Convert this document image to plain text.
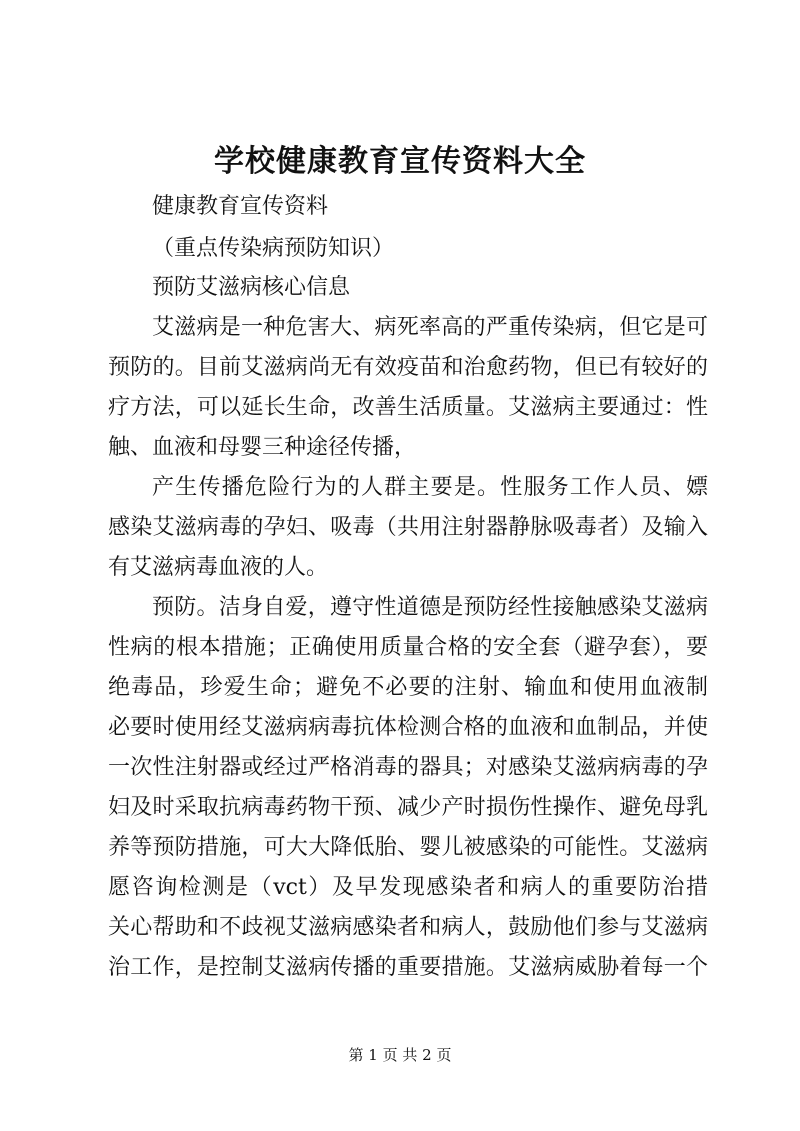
学校健康教育宣传资料大全
健康教育宣传资料
（重点传染病预防知识）
预防艾滋病核心信息
艾滋病是一种危害大、病死率高的严重传染病，但它是可
预防的。目前艾滋病尚无有效疫苗和治愈药物，但已有较好的
疗方法，可以延长生命，改善生活质量。艾滋病主要通过：性
触、血液和母婴三种途径传播，
产生传播危险行为的人群主要是。性服务工作人员、嫖
感染艾滋病毒的孕妇、吸毒（共用注射器静脉吸毒者）及输入
有艾滋病毒血液的人。
预防。洁身自爱，遵守性道德是预防经性接触感染艾滋病
性病的根本措施；正确使用质量合格的安全套（避孕套），要
绝毒品，珍爱生命；避免不必要的注射、输血和使用血液制
必要时使用经艾滋病病毒抗体检测合格的血液和血制品，并使
一次性注射器或经过严格消毒的器具；对感染艾滋病病毒的孕
妇及时采取抗病毒药物干预、减少产时损伤性操作、避免母乳
养等预防措施，可大大降低胎、婴儿被感染的可能性。艾滋病
愿咨询检测是（vct）及早发现感染者和病人的重要防治措
关心帮助和不歧视艾滋病感染者和病人，鼓励他们参与艾滋病
治工作，是控制艾滋病传播的重要措施。艾滋病威胁着每一个
第 1 页 共 2 页
